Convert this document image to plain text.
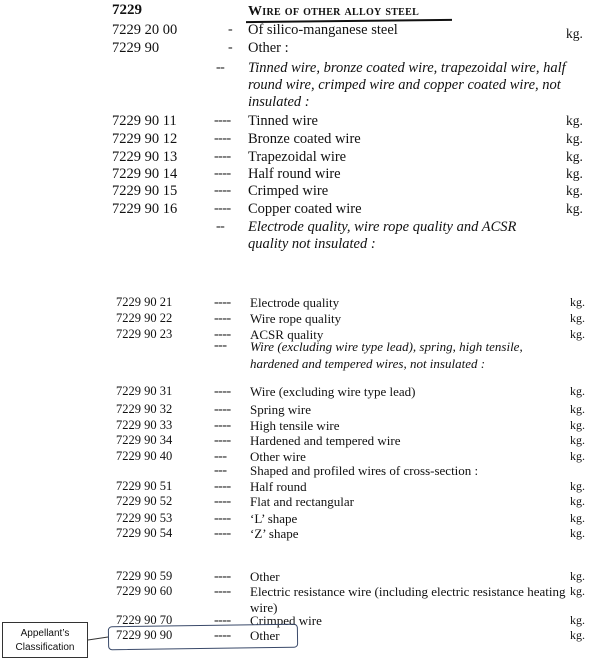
7229	Wire of other alloy steel
7229 20 00	- Of silico-manganese steel	kg.
7229 90	- Other :
-- Tinned wire, bronze coated wire, trapezoidal wire, half round wire, crimped wire and copper coated wire, not insulated :
7229 90 11	---- Tinned wire	kg.
7229 90 12	---- Bronze coated wire	kg.
7229 90 13	---- Trapezoidal wire	kg.
7229 90 14	---- Half round wire	kg.
7229 90 15	---- Crimped wire	kg.
7229 90 16	---- Copper coated wire	kg.
-- Electrode quality, wire rope quality and ACSR quality not insulated :
7229 90 21	---- Electrode quality	kg.
7229 90 22	---- Wire rope quality	kg.
7229 90 23	---- ACSR quality	kg.
--- Wire (excluding wire type lead), spring, high tensile, hardened and tempered wires, not insulated :
7229 90 31	---- Wire (excluding wire type lead)	kg.
7229 90 32	---- Spring wire	kg.
7229 90 33	---- High tensile wire	kg.
7229 90 34	---- Hardened and tempered wire	kg.
7229 90 40	--- Other wire	kg.
--- Shaped and profiled wires of cross-section :
7229 90 51	---- Half round	kg.
7229 90 52	---- Flat and rectangular	kg.
7229 90 53	---- ‘L’ shape	kg.
7229 90 54	---- ‘Z’ shape	kg.
7229 90 59	---- Other	kg.
7229 90 60	---- Electric resistance wire (including electric resistance heating wire)
kg.
7229 90 70	---- Crimped wire	kg.
7229 90 90	---- Other	kg.
Appellant’s
Classification
